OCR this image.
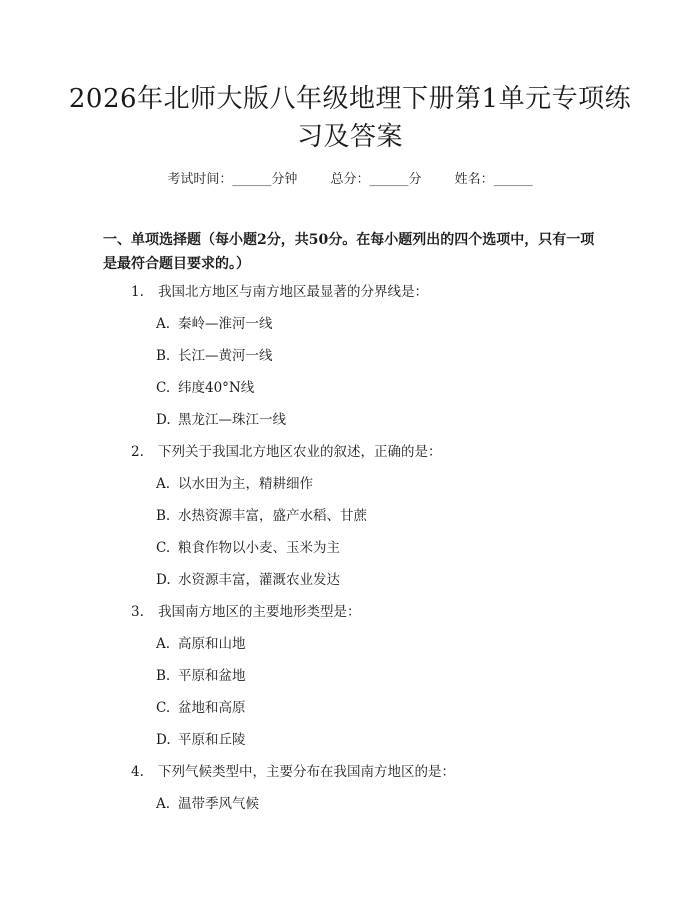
2026年北师大版八年级地理下册第1单元专项练习及答案
考试时间：______分钟	总分：______分	姓名：______
一、单项选择题（每小题2分，共50分。在每小题列出的四个选项中，只有一项是最符合题目要求的。）
1. 我国北方地区与南方地区最显著的分界线是：
A. 秦岭—淮河一线
B. 长江—黄河一线
C. 纬度40°N线
D. 黑龙江—珠江一线
2. 下列关于我国北方地区农业的叙述，正确的是：
A. 以水田为主，精耕细作
B. 水热资源丰富，盛产水稻、甘蔗
C. 粮食作物以小麦、玉米为主
D. 水资源丰富，灌溉农业发达
3. 我国南方地区的主要地形类型是：
A. 高原和山地
B. 平原和盆地
C. 盆地和高原
D. 平原和丘陵
4. 下列气候类型中，主要分布在我国南方地区的是：
A. 温带季风气候
